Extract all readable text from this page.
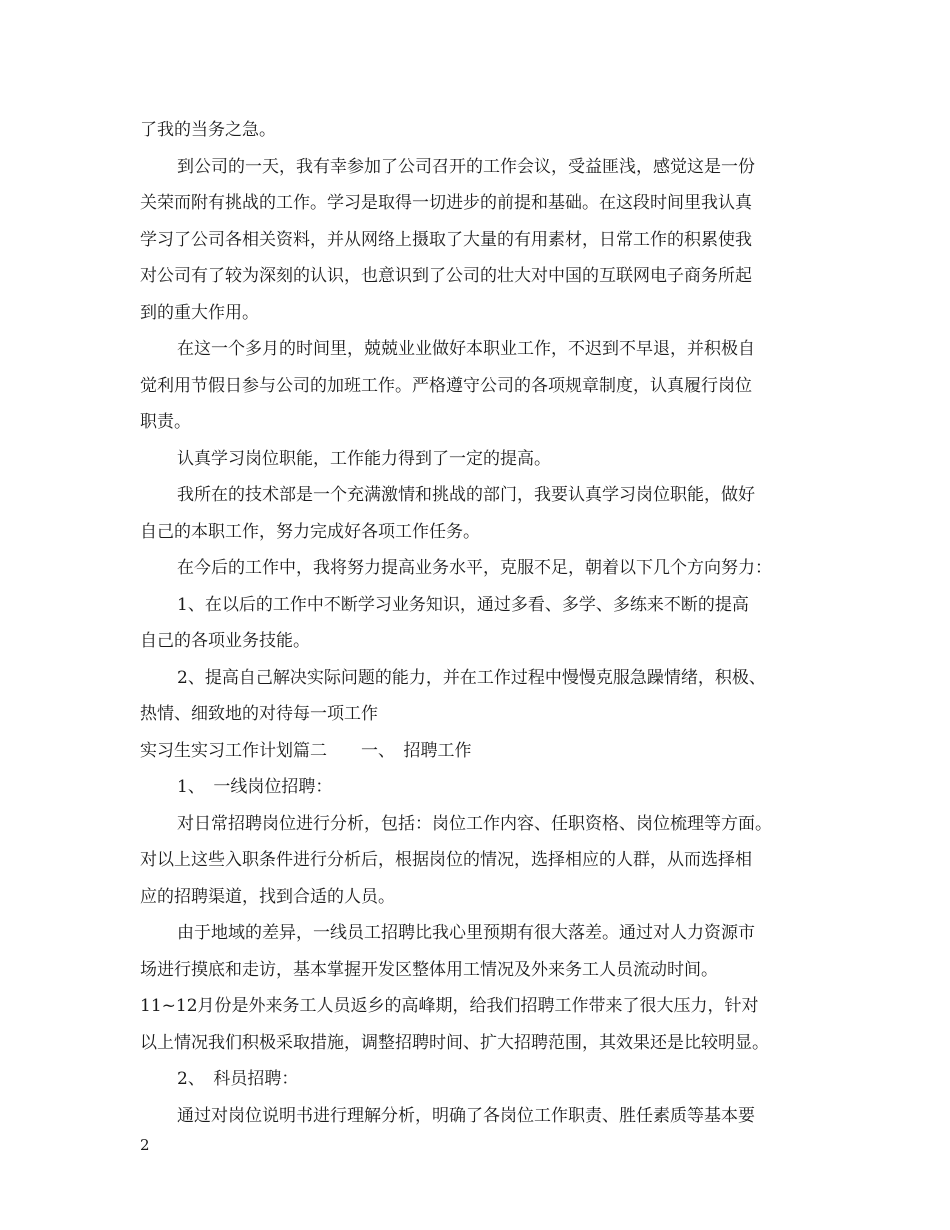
了我的当务之急。
到公司的一天，我有幸参加了公司召开的工作会议，受益匪浅，感觉这是一份
关荣而附有挑战的工作。学习是取得一切进步的前提和基础。在这段时间里我认真
学习了公司各相关资料，并从网络上摄取了大量的有用素材，日常工作的积累使我
对公司有了较为深刻的认识，也意识到了公司的壮大对中国的互联网电子商务所起
到的重大作用。
在这一个多月的时间里，兢兢业业做好本职业工作，不迟到不早退，并积极自
觉利用节假日参与公司的加班工作。严格遵守公司的各项规章制度，认真履行岗位
职责。
认真学习岗位职能，工作能力得到了一定的提高。
我所在的技术部是一个充满激情和挑战的部门，我要认真学习岗位职能，做好
自己的本职工作，努力完成好各项工作任务。
在今后的工作中，我将努力提高业务水平，克服不足，朝着以下几个方向努力：
1、在以后的工作中不断学习业务知识，通过多看、多学、多练来不断的提高
自己的各项业务技能。
2、提高自己解决实际问题的能力，并在工作过程中慢慢克服急躁情绪，积极、
热情、细致地的对待每一项工作
实习生实习工作计划篇二　　一、　招聘工作
1、　一线岗位招聘：
对日常招聘岗位进行分析，包括：岗位工作内容、任职资格、岗位梳理等方面。
对以上这些入职条件进行分析后，根据岗位的情况，选择相应的人群，从而选择相
应的招聘渠道，找到合适的人员。
由于地域的差异，一线员工招聘比我心里预期有很大落差。通过对人力资源市
场进行摸底和走访，基本掌握开发区整体用工情况及外来务工人员流动时间。
11~12月份是外来务工人员返乡的高峰期，给我们招聘工作带来了很大压力，针对
以上情况我们积极采取措施，调整招聘时间、扩大招聘范围，其效果还是比较明显。
2、　科员招聘：
通过对岗位说明书进行理解分析，明确了各岗位工作职责、胜任素质等基本要
2
